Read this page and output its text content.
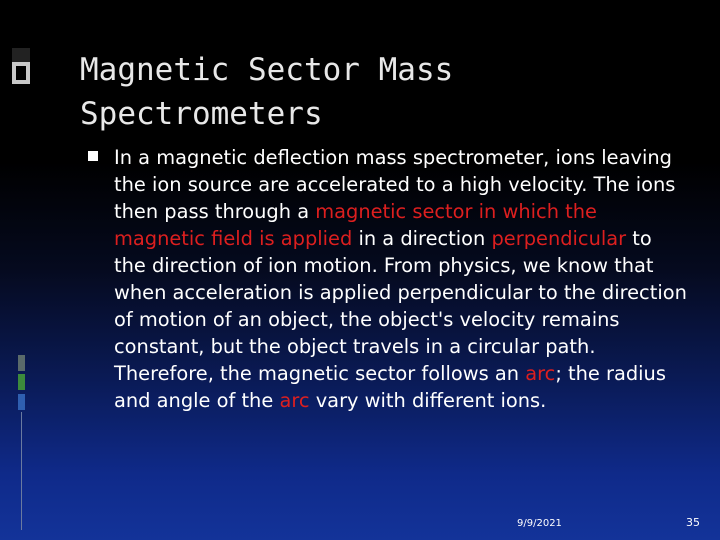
Magnetic Sector Mass
Spectrometers

In a magnetic deflection mass spectrometer, ions leaving the ion source are accelerated to a high velocity. The ions then pass through a magnetic sector in which the magnetic field is applied in a direction perpendicular to the direction of ion motion. From physics, we know that when acceleration is applied perpendicular to the direction of motion of an object, the object's velocity remains constant, but the object travels in a circular path. Therefore, the magnetic sector follows an arc; the radius and angle of the arc vary with different ions.

9/9/2021	35
